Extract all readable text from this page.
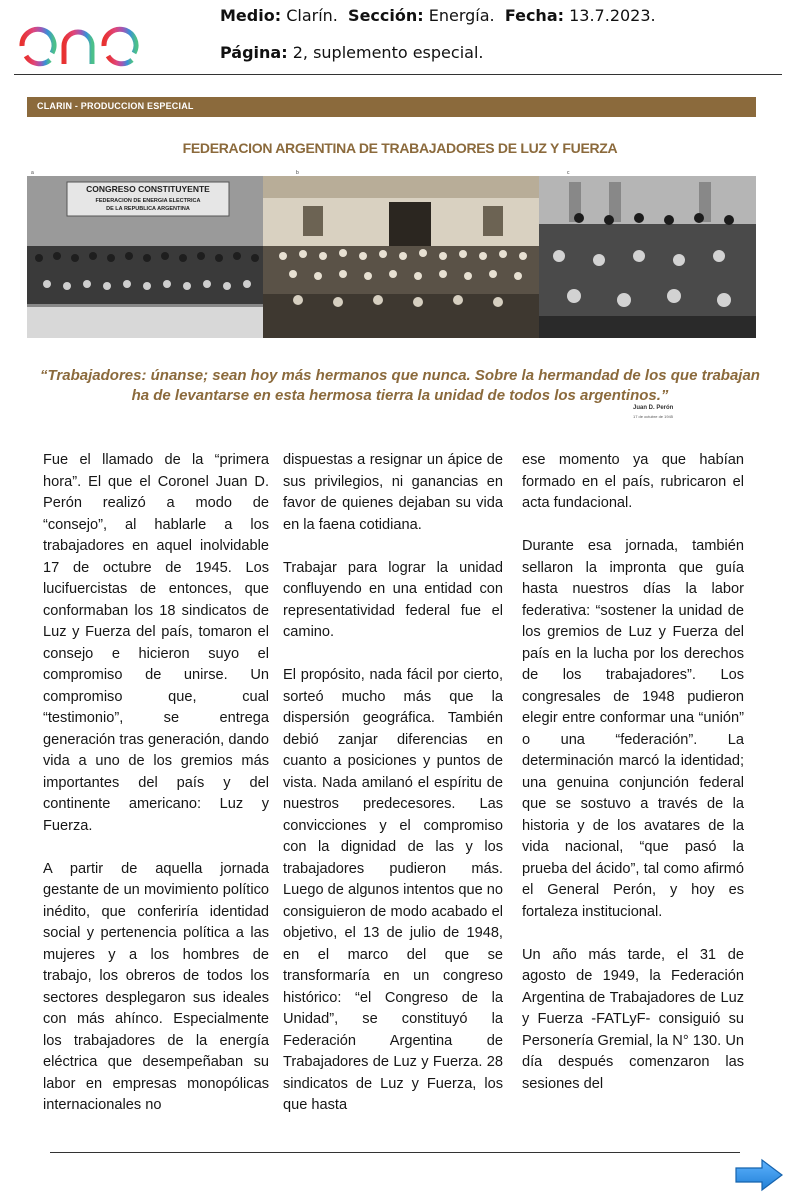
Medio: Clarín. Sección: Energía. Fecha: 13.7.2023.
Página: 2, suplemento especial.
CLARIN - PRODUCCION ESPECIAL
FEDERACION ARGENTINA DE TRABAJADORES DE LUZ Y FUERZA
a	b	c
CONGRESO CONSTITUYENTE
FEDERACION DE ENERGIA ELECTRICA
DE LA REPUBLICA ARGENTINA
“Trabajadores: únanse; sean hoy más hermanos que nunca. Sobre la hermandad de los que trabajan
ha de levantarse en esta hermosa tierra la unidad de todos los argentinos.”
Juan D. Perón
17 de octubre de 1945

Fue el llamado de la “primera hora”. El que el Coronel Juan D. Perón realizó a modo de “consejo”, al hablarle a los trabajadores en aquel inolvidable 17 de octubre de 1945. Los lucifuercistas de entonces, que conformaban los 18 sindicatos de Luz y Fuerza del país, tomaron el consejo e hicieron suyo el compromiso de unirse. Un compromiso que, cual “testimonio”, se entrega generación tras generación, dando vida a uno de los gremios más importantes del país y del continente americano: Luz y Fuerza.

A partir de aquella jornada gestante de un movimiento político inédito, que conferiría identidad social y pertenencia política a las mujeres y a los hombres de trabajo, los obreros de todos los sectores desplegaron sus ideales con más ahínco. Especialmente los trabajadores de la energía eléctrica que desempeñaban su labor en empresas monopólicas internacionales no

dispuestas a resignar un ápice de sus privilegios, ni ganancias en favor de quienes dejaban su vida en la faena cotidiana.

Trabajar para lograr la unidad confluyendo en una entidad con representatividad federal fue el camino.

El propósito, nada fácil por cierto, sorteó mucho más que la dispersión geográfica. También debió zanjar diferencias en cuanto a posiciones y puntos de vista. Nada amilanó el espíritu de nuestros predecesores. Las convicciones y el compromiso con la dignidad de las y los trabajadores pudieron más. Luego de algunos intentos que no consiguieron de modo acabado el objetivo, el 13 de julio de 1948, en el marco del que se transformaría en un congreso histórico: “el Congreso de la Unidad”, se constituyó la Federación Argentina de Trabajadores de Luz y Fuerza. 28 sindicatos de Luz y Fuerza, los que hasta

ese momento ya que habían formado en el país, rubricaron el acta fundacional.

Durante esa jornada, también sellaron la impronta que guía hasta nuestros días la labor federativa: “sostener la unidad de los gremios de Luz y Fuerza del país en la lucha por los derechos de los trabajadores”. Los congresales de 1948 pudieron elegir entre conformar una “unión” o una “federación”. La determinación marcó la identidad; una genuina conjunción federal que se sostuvo a través de la historia y de los avatares de la vida nacional, “que pasó la prueba del ácido”, tal como afirmó el General Perón, y hoy es fortaleza institucional.

Un año más tarde, el 31 de agosto de 1949, la Federación Argentina de Trabajadores de Luz y Fuerza -FATLyF- consiguió su Personería Gremial, la N° 130. Un día después comenzaron las sesiones del
